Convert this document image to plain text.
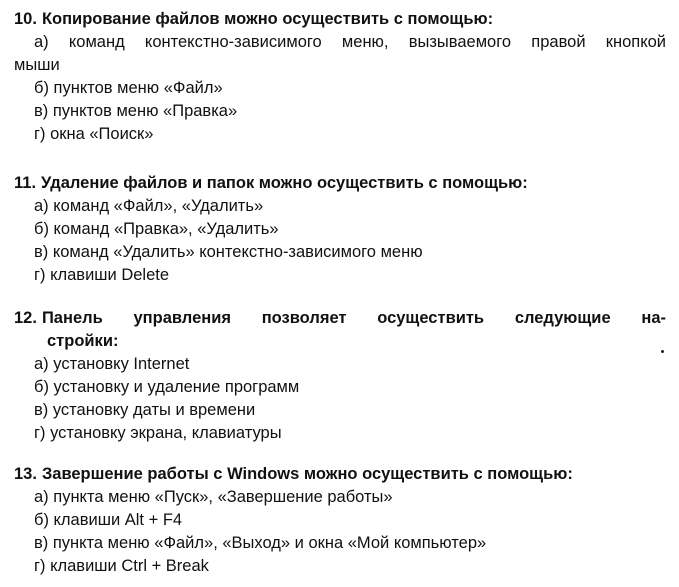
10. Копирование файлов можно осуществить с помощью:

а) команд контекстно-зависимого меню, вызываемого правой кнопкой
мыши
б) пунктов меню «Файл»
в) пунктов меню «Правка»
г) окна «Поиск»

11. Удаление файлов и папок можно осуществить с помощью:

а) команд «Файл», «Удалить»
б) команд «Правка», «Удалить»
в) команд «Удалить» контекстно-зависимого меню
г) клавиши Delete

12. Панель управления позволяет осуществить следующие на-

стройки:

а) установку Internet
б) установку и удаление программ
в) установку даты и времени
г) установку экрана, клавиатуры

13. Завершение работы с Windows можно осуществить с помощью:

а) пункта меню «Пуск», «Завершение работы»
б) клавиши Alt + F4
в) пункта меню «Файл», «Выход» и окна «Мой компьютер»
г) клавиши Ctrl + Break
